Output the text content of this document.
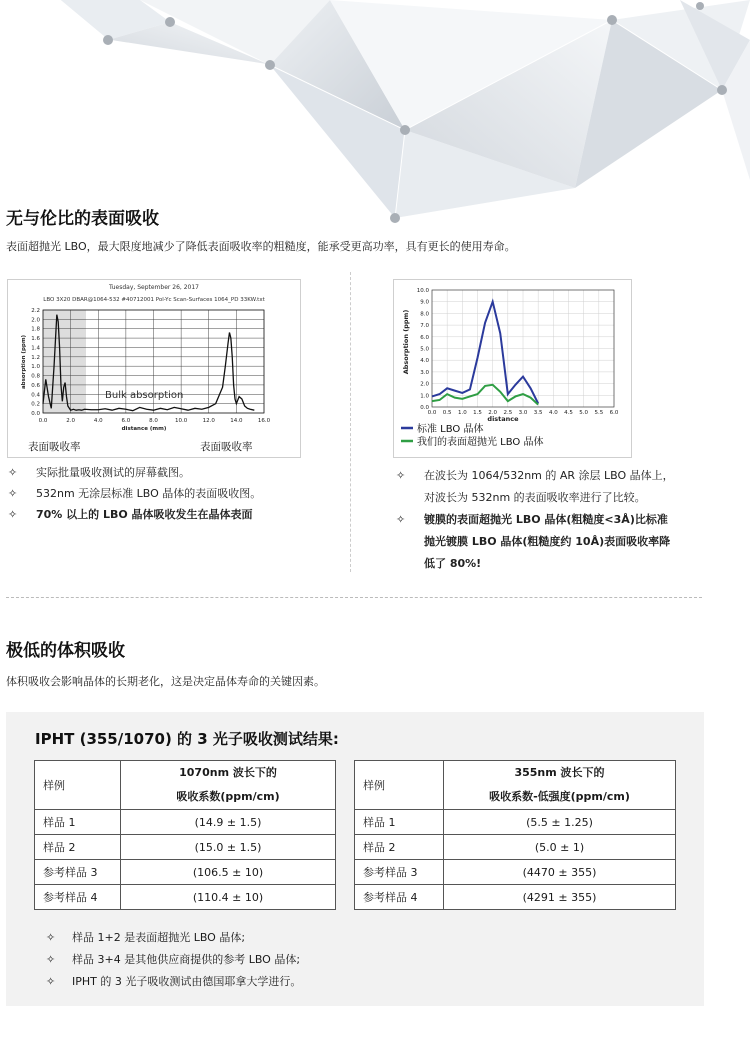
无与伦比的表面吸收
表面超抛光 LBO，最大限度地减少了降低表面吸收率的粗糙度，能承受更高功率，具有更长的使用寿命。
Tuesday, September 26, 2017
LBO 3X20 DBAR@1064-532 #40712001 Pol-Yc Scan-Surfaces 1064_PD 33KW.txt
0.0
0.2
0.4
0.6
0.8
1.0
1.2
1.4
1.6
1.8
2.0
2.2
0.0	2.0	4.0	6.0	8.0	10.0	12.0	14.0	16.0
Bulk absorption
distance (mm)
absorption (ppm)
表面吸收率	表面吸收率
0.0
1.0
2.0
3.0
4.0
5.0
6.0
7.0
8.0
9.0
10.0
0.0 0.5 1.0 1.5 2.0 2.5 3.0 3.5 4.0 4.5 5.0 5.5 6.0
distance
Absorption (ppm)
标准 LBO 晶体
我们的表面超抛光 LBO 晶体
✧	实际批量吸收测试的屏幕截图。
✧	532nm 无涂层标准 LBO 晶体的表面吸收图。
✧	70% 以上的 LBO 晶体吸收发生在晶体表面
✧	在波长为 1064/532nm 的 AR 涂层 LBO 晶体上，
对波长为 532nm 的表面吸收率进行了比较。
✧	镀膜的表面超抛光 LBO 晶体(粗糙度<3Å)比标准
抛光镀膜 LBO 晶体(粗糙度约 10Å)表面吸收率降
低了 80%!
极低的体积吸收
体积吸收会影响晶体的长期老化，这是决定晶体寿命的关键因素。
IPHT (355/1070) 的 3 光子吸收测试结果:
样例	1070nm 波长下的
吸收系数(ppm/cm)

样品 1	(14.9 ± 1.5)
样品 2	(15.0 ± 1.5)
参考样品 3	(106.5 ± 10)
参考样品 4	(110.4 ± 10)
样例	355nm 波长下的
吸收系数-低强度(ppm/cm)

样品 1	(5.5 ± 1.25)
样品 2	(5.0 ± 1)
参考样品 3	(4470 ± 355)
参考样品 4	(4291 ± 355)
✧	样品 1+2 是表面超抛光 LBO 晶体;
✧	样品 3+4 是其他供应商提供的参考 LBO 晶体;
✧	IPHT 的 3 光子吸收测试由德国耶拿大学进行。
